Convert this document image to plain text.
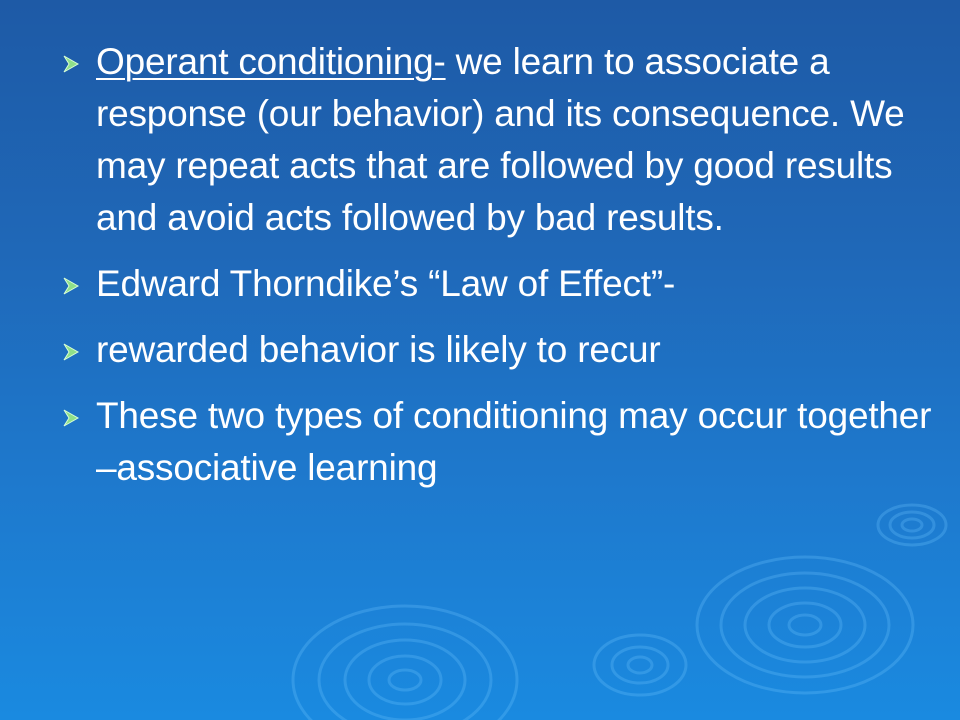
Operant conditioning- we learn to associate a response (our behavior) and its consequence. We may repeat acts that are followed by good results and avoid acts followed by bad results.
Edward Thorndike’s “Law of Effect”-
rewarded behavior is likely to recur
These two types of conditioning may occur together –associative learning
